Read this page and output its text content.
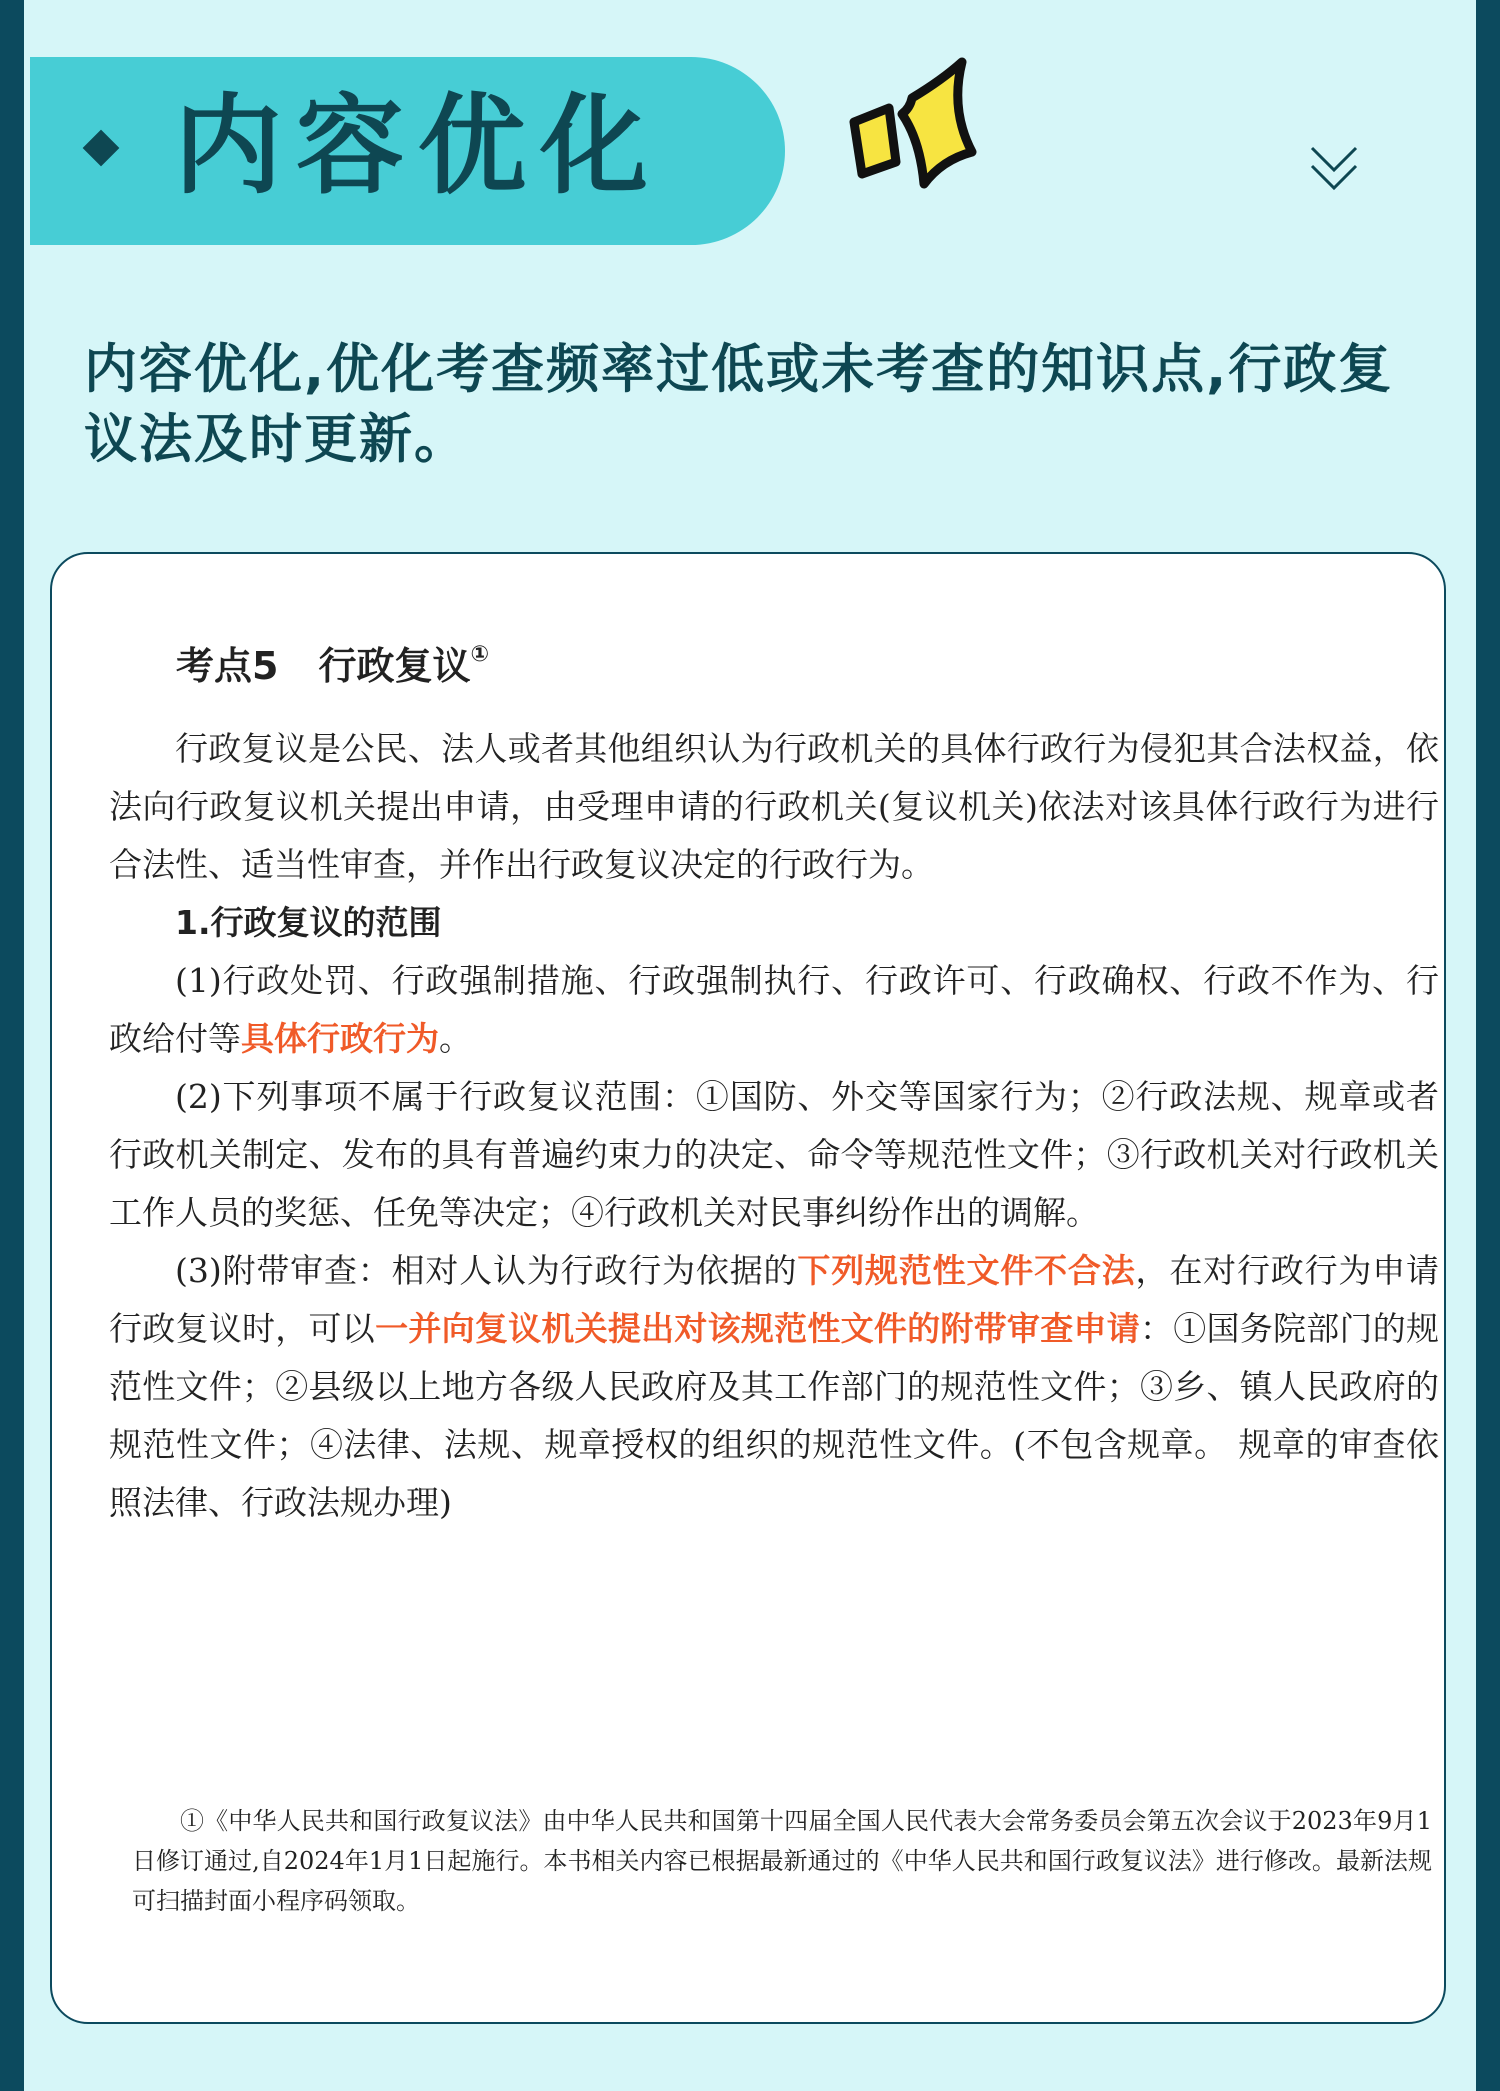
内容优化

内容优化,优化考查频率过低或未考查的知识点,行政复议法及时更新。

考点5 行政复议①

行政复议是公民、法人或者其他组织认为行政机关的具体行政行为侵犯其合法权益，依法向行政复议机关提出申请，由受理申请的行政机关(复议机关)依法对该具体行政行为进行合法性、适当性审查，并作出行政复议决定的行政行为。

1.行政复议的范围

(1)行政处罚、行政强制措施、行政强制执行、行政许可、行政确权、行政不作为、行政给付等具体行政行为。

(2)下列事项不属于行政复议范围：①国防、外交等国家行为；②行政法规、规章或者行政机关制定、发布的具有普遍约束力的决定、命令等规范性文件；③行政机关对行政机关工作人员的奖惩、任免等决定；④行政机关对民事纠纷作出的调解。

(3)附带审查：相对人认为行政行为依据的下列规范性文件不合法，在对行政行为申请行政复议时，可以一并向复议机关提出对该规范性文件的附带审查申请：①国务院部门的规范性文件；②县级以上地方各级人民政府及其工作部门的规范性文件；③乡、镇人民政府的规范性文件；④法律、法规、规章授权的组织的规范性文件。(不包含规章。 规章的审查依照法律、行政法规办理)

①《中华人民共和国行政复议法》由中华人民共和国第十四届全国人民代表大会常务委员会第五次会议于2023年9月1日修订通过,自2024年1月1日起施行。本书相关内容已根据最新通过的《中华人民共和国行政复议法》进行修改。最新法规可扫描封面小程序码领取。
